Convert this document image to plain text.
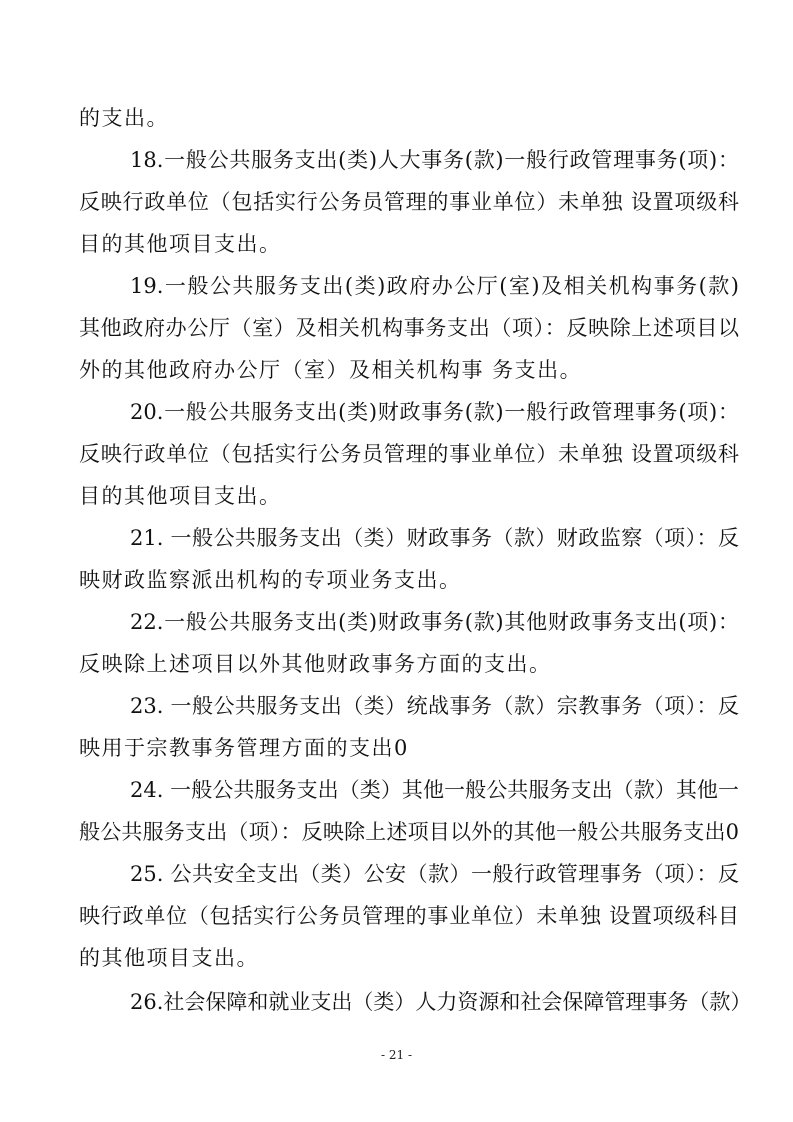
的支出。
18.一般公共服务支出(类)人大事务(款)一般行政管理事务(项)：
反映行政单位（包括实行公务员管理的事业单位）未单独 设置项级科
目的其他项目支出。
19.一般公共服务支出(类)政府办公厅(室)及相关机构事务(款)
其他政府办公厅（室）及相关机构事务支出（项）：反映除上述项目以
外的其他政府办公厅（室）及相关机构事 务支出。
20.一般公共服务支出(类)财政事务(款)一般行政管理事务(项)：
反映行政单位（包括实行公务员管理的事业单位）未单独 设置项级科
目的其他项目支出。
21. 一般公共服务支出（类）财政事务（款）财政监察（项）：反
映财政监察派出机构的专项业务支出。
22.一般公共服务支出(类)财政事务(款)其他财政事务支出(项)：
反映除上述项目以外其他财政事务方面的支出。
23. 一般公共服务支出（类）统战事务（款）宗教事务（项）：反
映用于宗教事务管理方面的支出0
24. 一般公共服务支出（类）其他一般公共服务支出（款）其他一
般公共服务支出（项）：反映除上述项目以外的其他一般公共服务支出0
25. 公共安全支出（类）公安（款）一般行政管理事务（项）：反
映行政单位（包括实行公务员管理的事业单位）未单独 设置项级科目
的其他项目支出。
26.社会保障和就业支出（类）人力资源和社会保障管理事务（款）
- 21 -
